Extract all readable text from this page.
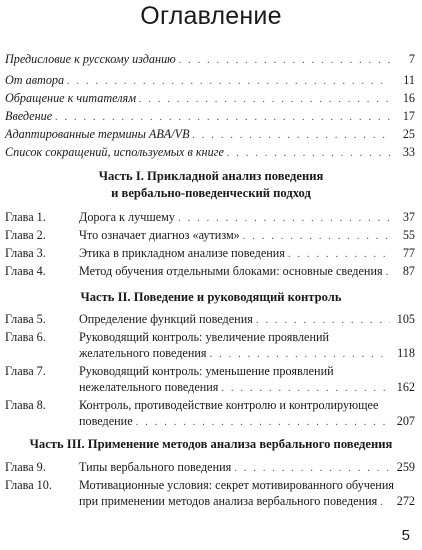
Оглавление
Предисловие к русскому изданию . . .	7
От автора . . .	11
Обращение к читателям . . .	16
Введение . . .	17
Адаптированные термины ABA/VB . . .	25
Список сокращений, используемых в книге . . .	33
Часть I. Прикладной анализ поведения
и вербально-поведенческий подход
Глава 1.	Дорога к лучшему . . .	37
Глава 2.	Что означает диагноз «аутизм» . . .	55
Глава 3.	Этика в прикладном анализе поведения . . .	77
Глава 4.	Метод обучения отдельными блоками: основные сведения . . .	87
Часть II. Поведение и руководящий контроль
Глава 5.	Определение функций поведения . . .	105
Глава 6.	Руководящий контроль: увеличение проявлений
желательного поведения . . .	118
Глава 7.	Руководящий контроль: уменьшение проявлений
нежелательного поведения . . .	162
Глава 8.	Контроль, противодействие контролю и контролирующее
поведение . . .	207
Часть III. Применение методов анализа вербального поведения
Глава 9.	Типы вербального поведения . . .	259
Глава 10.	Мотивационные условия: секрет мотивированного обучения
при применении методов анализа вербального поведения . . .	272
5
